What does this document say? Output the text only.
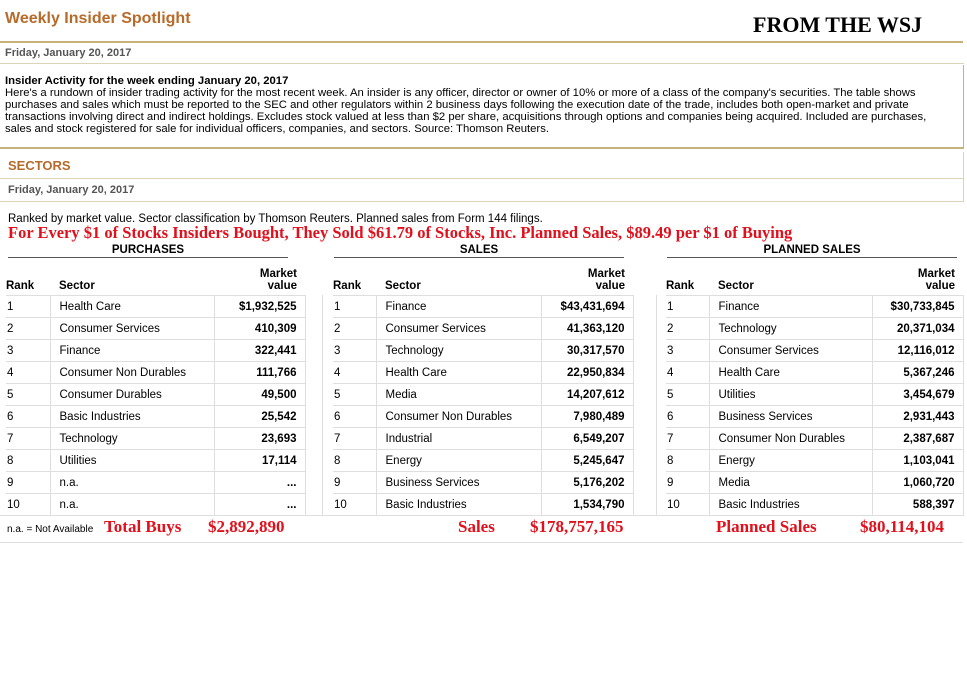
Weekly Insider Spotlight	FROM THE WSJ
Friday, January 20, 2017
Insider Activity for the week ending January 20, 2017
Here's a rundown of insider trading activity for the most recent week. An insider is any officer, director or owner of 10% or more of a class of the company's securities. The table shows purchases and sales which must be reported to the SEC and other regulators within 2 business days following the execution date of the trade, includes both open-market and private transactions involving direct and indirect holdings. Excludes stock valued at less than $2 per share, acquisitions through options and companies being acquired. Included are purchases, sales and stock registered for sale for individual officers, companies, and sectors. Source: Thomson Reuters.
SECTORS
Friday, January 20, 2017
Ranked by market value. Sector classification by Thomson Reuters. Planned sales from Form 144 filings.
For Every $1 of Stocks Insiders Bought, They Sold $61.79 of Stocks, Inc. Planned Sales, $89.49 per $1 of Buying
PURCHASES	SALES	PLANNED SALES
Rank	Sector	Market
value
1	Health Care	$1,932,525
2	Consumer Services	410,309
3	Finance	322,441
4	Consumer Non Durables	111,766
5	Consumer Durables	49,500
6	Basic Industries	25,542
7	Technology	23,693
8	Utilities	17,114
9	n.a.	...
10	n.a.	...
Rank	Sector	Market
value
1	Finance	$43,431,694
2	Consumer Services	41,363,120
3	Technology	30,317,570
4	Health Care	22,950,834
5	Media	14,207,612
6	Consumer Non Durables	7,980,489
7	Industrial	6,549,207
8	Energy	5,245,647
9	Business Services	5,176,202
10	Basic Industries	1,534,790
Rank	Sector	Market
value
1	Finance	$30,733,845
2	Technology	20,371,034
3	Consumer Services	12,116,012
4	Health Care	5,367,246
5	Utilities	3,454,679
6	Business Services	2,931,443
7	Consumer Non Durables	2,387,687
8	Energy	1,103,041
9	Media	1,060,720
10	Basic Industries	588,397
n.a. = Not Available Total Buys $2,892,890	Sales $178,757,165	Planned Sales	$80,114,104
